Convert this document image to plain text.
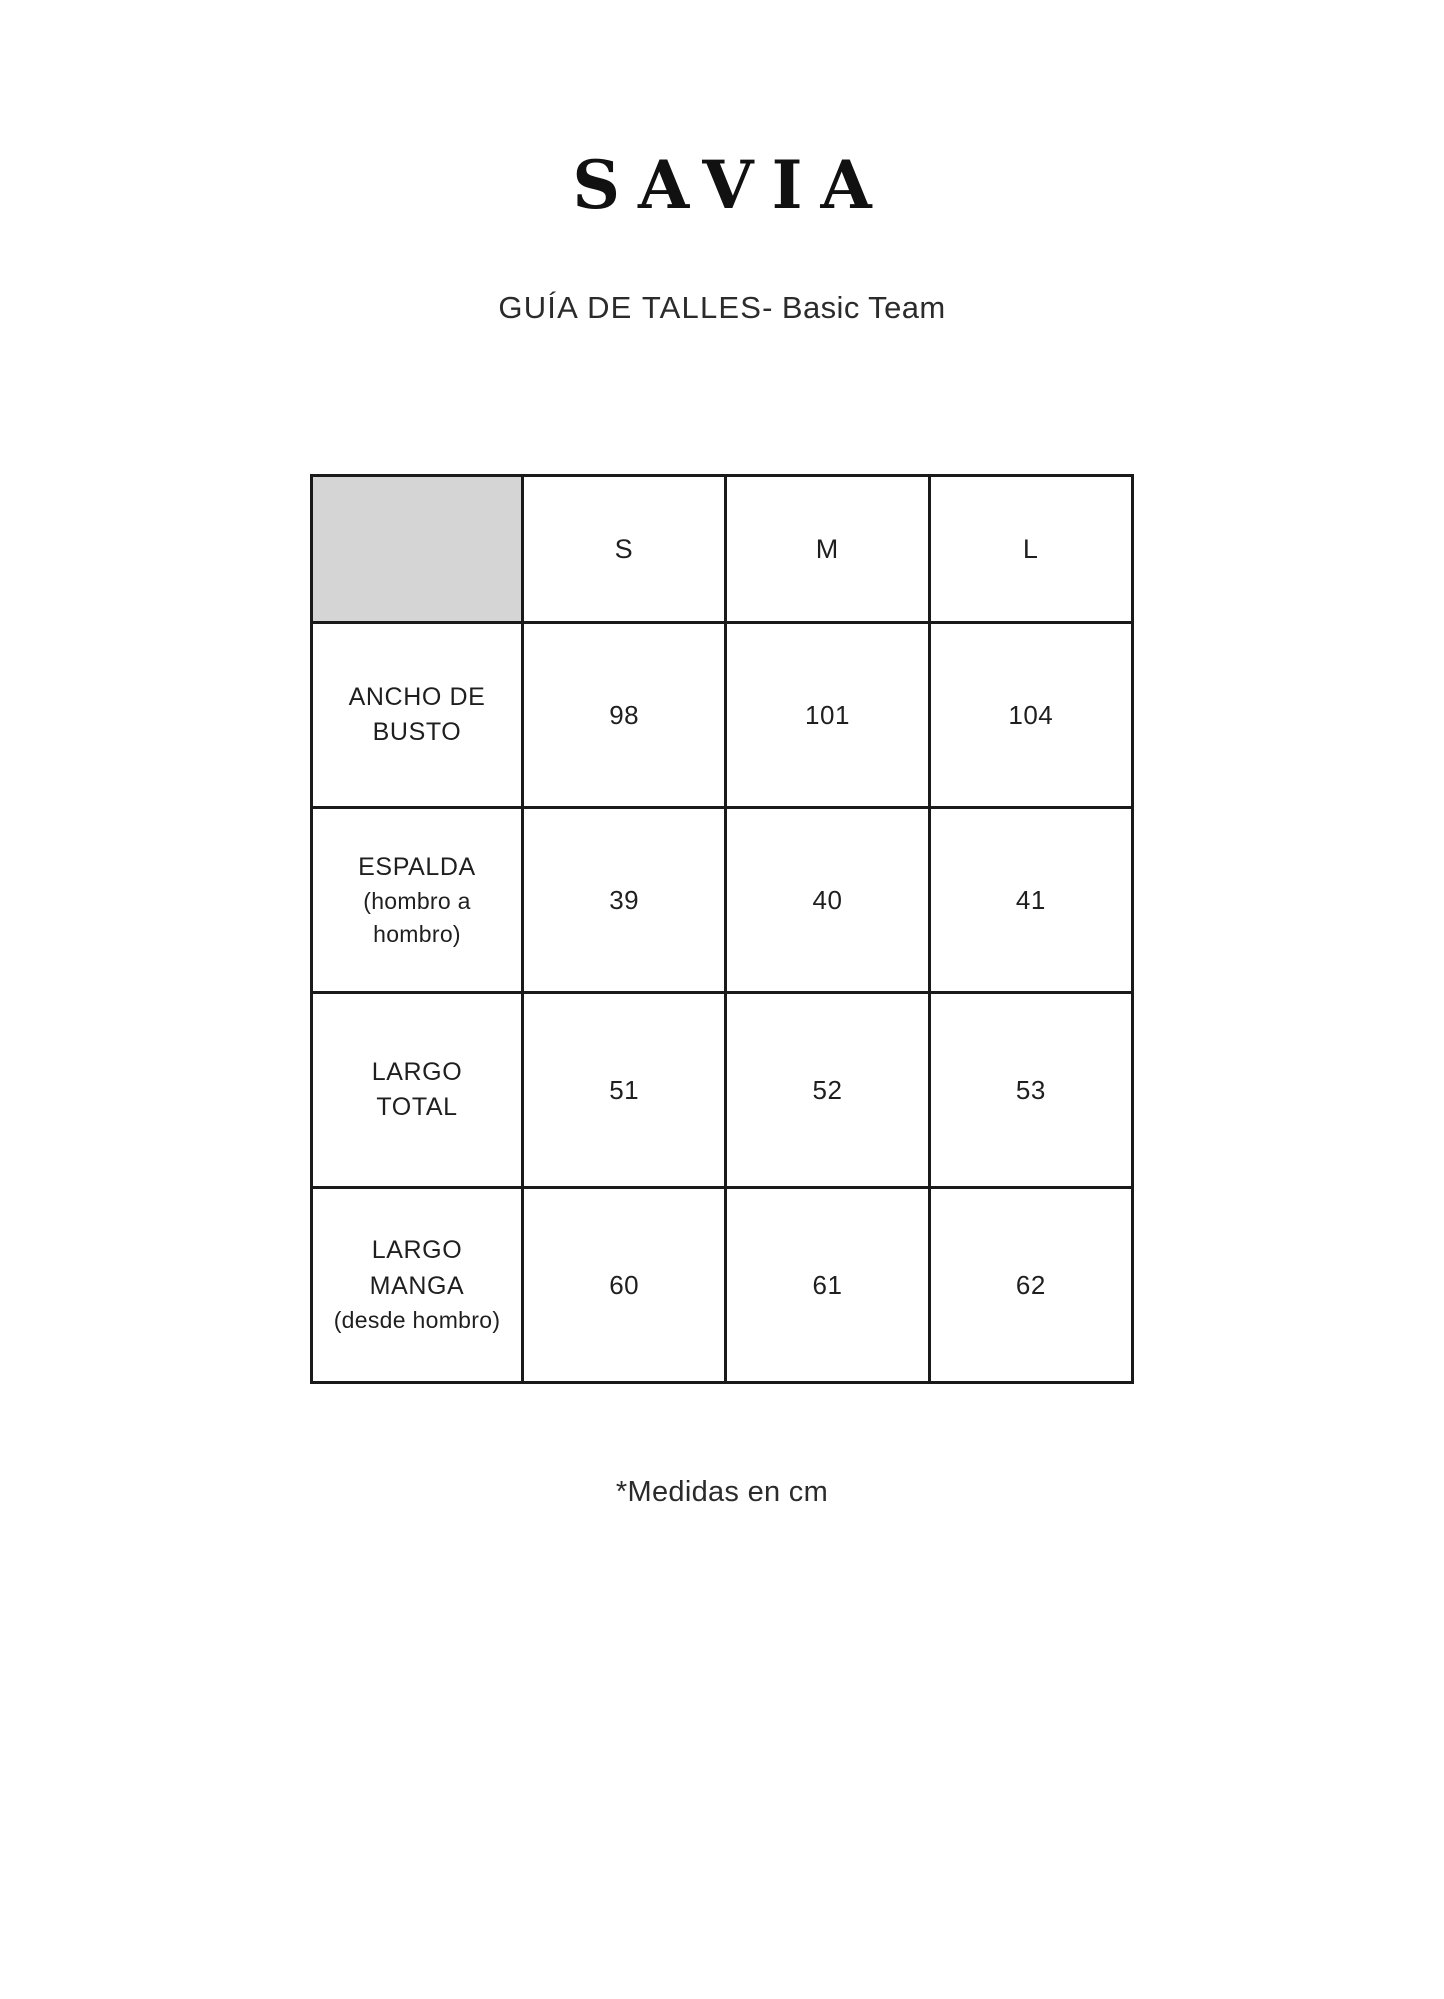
SAVIA
GUÍA DE TALLES- Basic Team
	S	M	L

ANCHO DE
BUSTO	98	101	104

ESPALDA
(hombro a
hombro)	39	40	41

LARGO
TOTAL	51	52	53

LARGO
MANGA
(desde hombro)	60	61	62
*Medidas en cm
